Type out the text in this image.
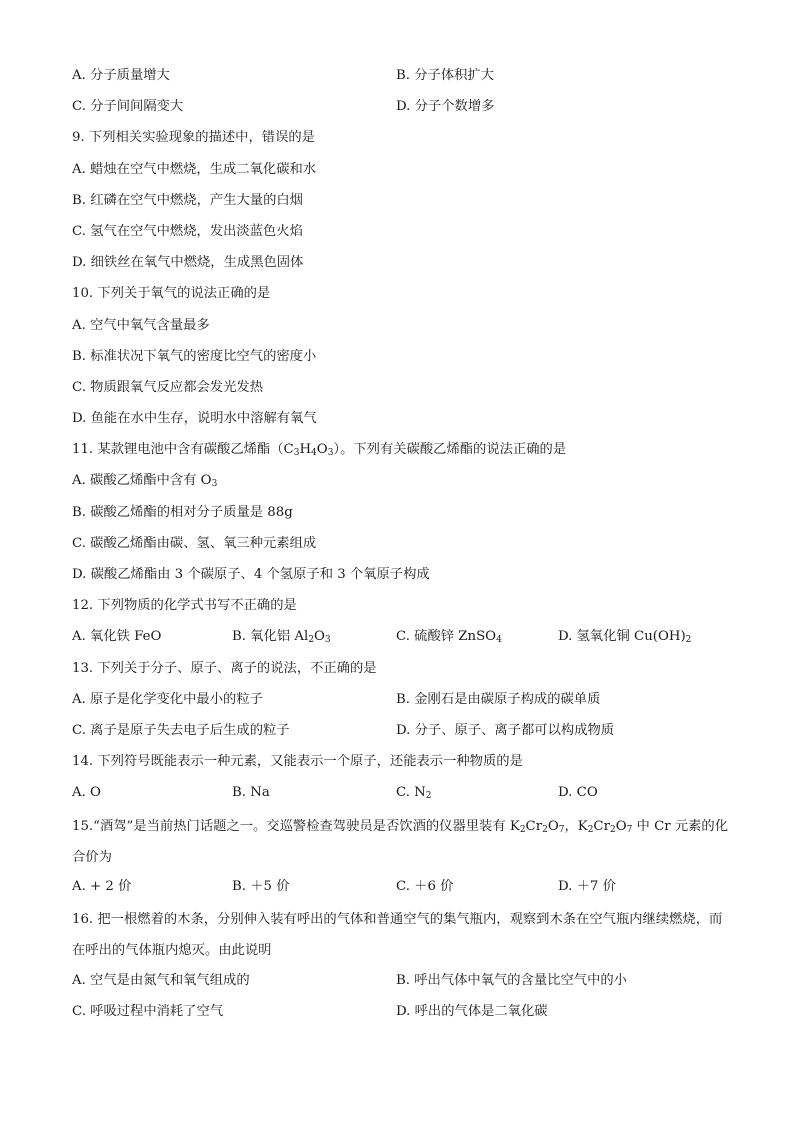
A. 分子质量增大	B. 分子体积扩大
C. 分子间间隔变大	D. 分子个数增多
9. 下列相关实验现象的描述中，错误的是
A. 蜡烛在空气中燃烧，生成二氧化碳和水
B. 红磷在空气中燃烧，产生大量的白烟
C. 氢气在空气中燃烧，发出淡蓝色火焰
D. 细铁丝在氧气中燃烧，生成黑色固体
10. 下列关于氧气的说法正确的是
A. 空气中氧气含量最多
B. 标准状况下氧气的密度比空气的密度小
C. 物质跟氧气反应都会发光发热
D. 鱼能在水中生存，说明水中溶解有氧气
11. 某款锂电池中含有碳酸乙烯酯$(C_3H_4O_3)$。下列有关碳酸乙烯酯的说法正确的是
A. 碳酸乙烯酯中含有 $O_3$
B. 碳酸乙烯酯的相对分子质量是 88g
C. 碳酸乙烯酯由碳、氢、氧三种元素组成
D. 碳酸乙烯酯由 3 个碳原子、4 个氢原子和 3 个氧原子构成
12. 下列物质的化学式书写不正确的是
A. 氧化铁 FeO	B. 氧化铝 $Al_2O_3$	C. 硫酸锌 ZnSO$_4$	D. 氢氧化铜 $Cu(OH)_2$
13. 下列关于分子、原子、离子的说法，不正确的是
A. 原子是化学变化中最小的粒子	B. 金刚石是由碳原子构成的碳单质
C. 离子是原子失去电子后生成的粒子	D. 分子、原子、离子都可以构成物质
14. 下列符号既能表示一种元素，又能表示一个原子，还能表示一种物质的是
A. O	B. Na	C. $N_2$	D. CO
15.“酒驾”是当前热门话题之一。交巡警检查驾驶员是否饮酒的仪器里装有 $K_2Cr_2O_7$，$K_2Cr_2O_7$ 中 Cr 元素的化合价为
A. + 2 价	B. ＋5 价	C. ＋6 价	D. ＋7 价
16. 把一根燃着的木条，分别伸入装有呼出的气体和普通空气的集气瓶内，观察到木条在空气瓶内继续燃烧，而在呼出的气体瓶内熄灭。由此说明
A. 空气是由氮气和氧气组成的	B. 呼出气体中氧气的含量比空气中的小
C. 呼吸过程中消耗了空气	D. 呼出的气体是二氧化碳
